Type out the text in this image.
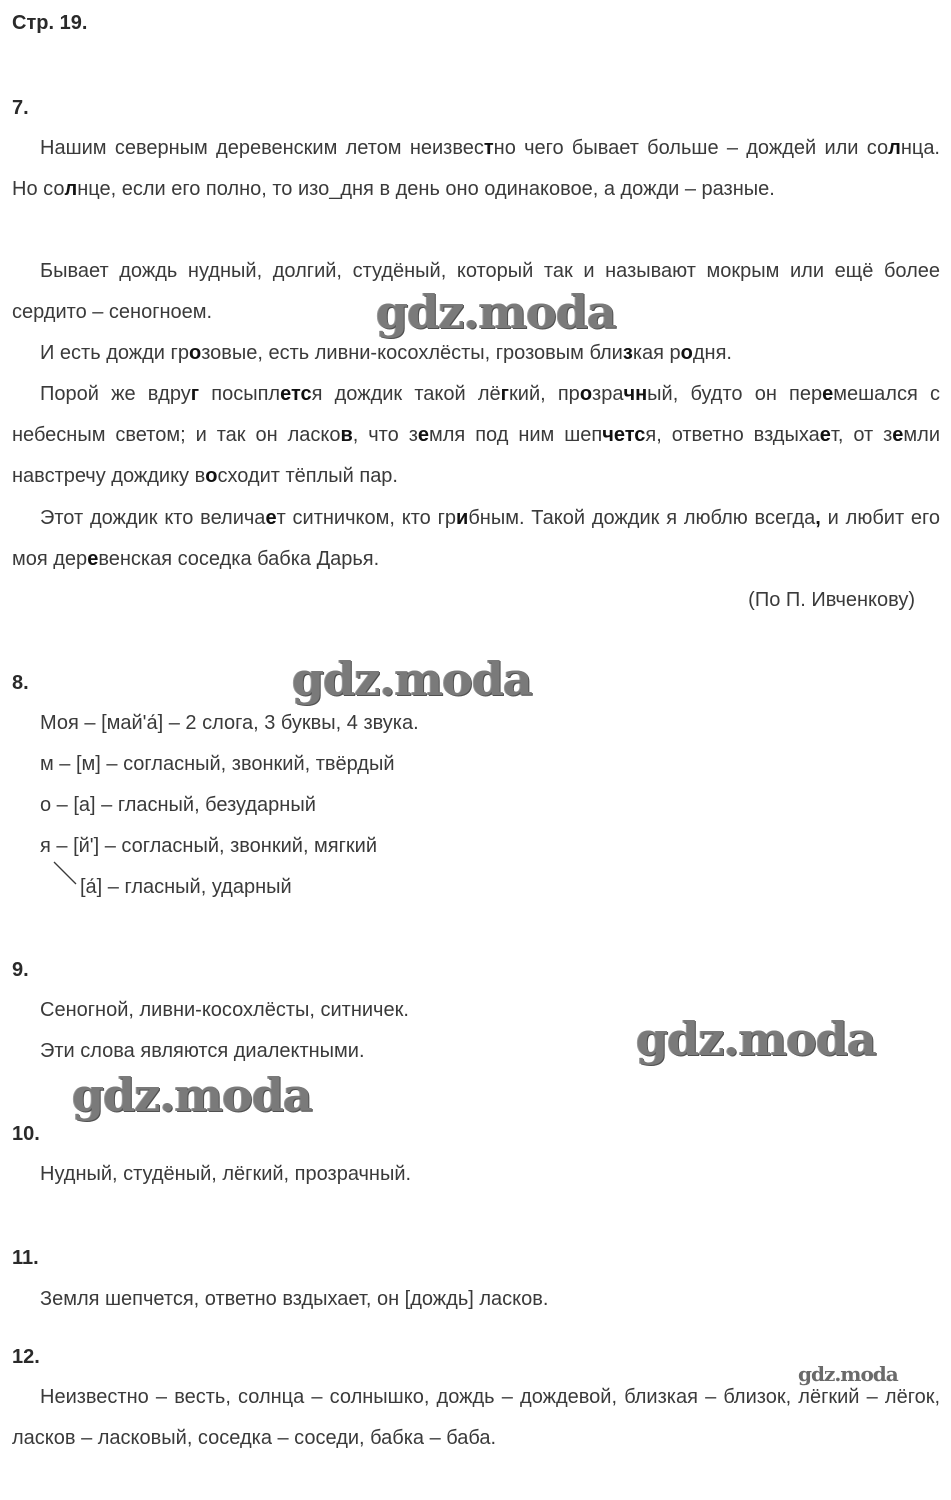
Стр. 19.
7.

Нашим северным деревенским летом неизвестно чего бывает больше – дождей или солнца. Но солнце, если его полно, то изо_дня в день оно одинаковое, а дожди – разные.

Бывает дождь нудный, долгий, студёный, который так и называют мокрым или ещё более сердито – сеногноем.

И есть дожди грозовые, есть ливни-косохлёсты, грозовым близкая родня.

Порой же вдруг посыплется дождик такой лёгкий, прозрачный, будто он перемешался с небесным светом; и так он ласков, что земля под ним шепчется, ответно вздыхает, от земли навстречу дождику восходит тёплый пар.

Этот дождик кто величает ситничком, кто грибным. Такой дождик я люблю всегда, и любит его моя деревенская соседка бабка Дарья.

(По П. Ивченкову)
8.
Моя – [май'а́] – 2 слога, 3 буквы, 4 звука.
м – [м] – согласный, звонкий, твёрдый
о – [а] – гласный, безударный
я – [й'] – согласный, звонкий, мягкий
[а́] – гласный, ударный
9.
Сеногной, ливни-косохлёсты, ситничек.
Эти слова являются диалектными.
10.
Нудный, студёный, лёгкий, прозрачный.
11.
Земля шепчется, ответно вздыхает, он [дождь] ласков.
12.

Неизвестно – весть, солнца – солнышко, дождь – дождевой, близкая – близок, лёгкий – лёгок, ласков – ласковый, соседка – соседи, бабка – баба.

gdz.moda
gdz.moda
gdz.moda
gdz.moda
gdz.moda
